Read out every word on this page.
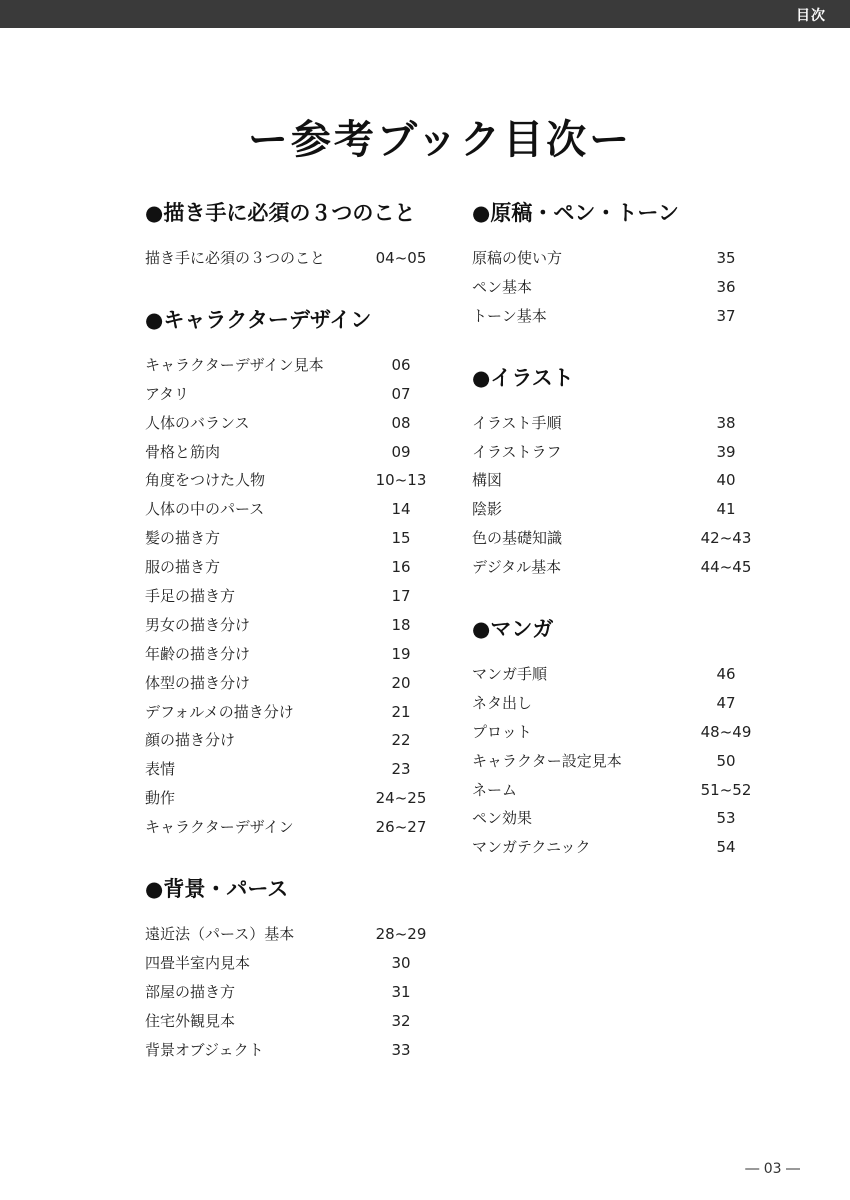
目次
ー参考ブック目次ー
●描き手に必須の３つのこと
描き手に必須の３つのこと	04~05
●キャラクターデザイン
キャラクターデザイン見本	06
アタリ	07
人体のバランス	08
骨格と筋肉	09
角度をつけた人物	10~13
人体の中のパース	14
髪の描き方	15
服の描き方	16
手足の描き方	17
男女の描き分け	18
年齢の描き分け	19
体型の描き分け	20
デフォルメの描き分け	21
顔の描き分け	22
表情	23
動作	24~25
キャラクターデザイン	26~27
●背景・パース
遠近法（パース）基本	28~29
四畳半室内見本	30
部屋の描き方	31
住宅外観見本	32
背景オブジェクト	33
●原稿・ペン・トーン
原稿の使い方	35
ペン基本	36
トーン基本	37
●イラスト
イラスト手順	38
イラストラフ	39
構図	40
陰影	41
色の基礎知識	42~43
デジタル基本	44~45
●マンガ
マンガ手順	46
ネタ出し	47
プロット	48~49
キャラクター設定見本	50
ネーム	51~52
ペン効果	53
マンガテクニック	54
― 03 ―
